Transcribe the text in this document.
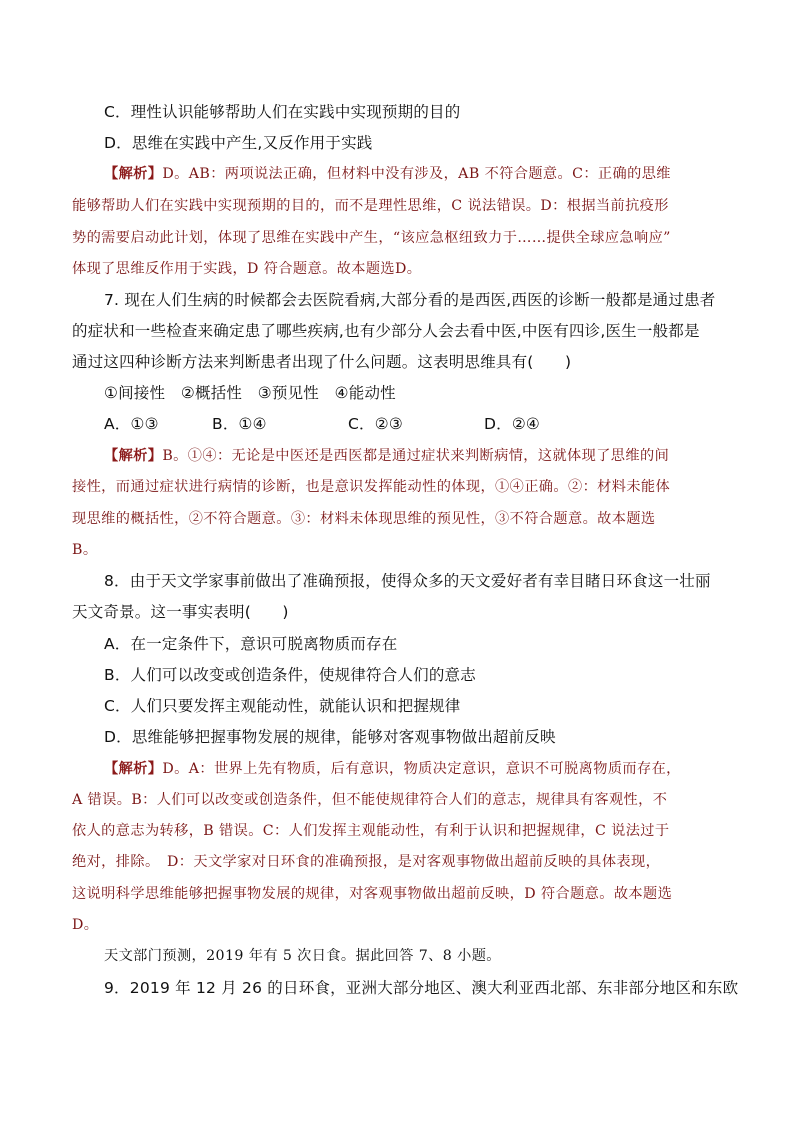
C．理性认识能够帮助人们在实践中实现预期的目的
D．思维在实践中产生,又反作用于实践
【解析】D。AB：两项说法正确，但材料中没有涉及，AB 不符合题意。C：正确的思维
能够帮助人们在实践中实现预期的目的，而不是理性思维，C 说法错误。D：根据当前抗疫形
势的需要启动此计划，体现了思维在实践中产生，“该应急枢纽致力于……提供全球应急响应”
体现了思维反作用于实践，D 符合题意。故本题选D。
7. 现在人们生病的时候都会去医院看病,大部分看的是西医,西医的诊断一般都是通过患者
的症状和一些检查来确定患了哪些疾病,也有少部分人会去看中医,中医有四诊,医生一般都是
通过这四种诊断方法来判断患者出现了什么问题。这表明思维具有(　　)
①间接性　②概括性　③预见性　④能动性
A．①③	B．①④	C．②③	D．②④
【解析】B。①④：无论是中医还是西医都是通过症状来判断病情，这就体现了思维的间
接性，而通过症状进行病情的诊断，也是意识发挥能动性的体现，①④正确。②：材料未能体
现思维的概括性，②不符合题意。③：材料未体现思维的预见性，③不符合题意。故本题选
B。
8．由于天文学家事前做出了准确预报，使得众多的天文爱好者有幸目睹日环食这一壮丽
天文奇景。这一事实表明(　　)
A．在一定条件下，意识可脱离物质而存在
B．人们可以改变或创造条件，使规律符合人们的意志
C．人们只要发挥主观能动性，就能认识和把握规律
D．思维能够把握事物发展的规律，能够对客观事物做出超前反映
【解析】D。A：世界上先有物质，后有意识，物质决定意识，意识不可脱离物质而存在，
A 错误。B：人们可以改变或创造条件，但不能使规律符合人们的意志，规律具有客观性，不
依人的意志为转移，B 错误。C：人们发挥主观能动性，有利于认识和把握规律，C 说法过于
绝对，排除。　D：天文学家对日环食的准确预报，是对客观事物做出超前反映的具体表现，
这说明科学思维能够把握事物发展的规律，对客观事物做出超前反映，D 符合题意。故本题选
D。
天文部门预测，2019 年有 5 次日食。据此回答 7、8 小题。
9．2019 年 12 月 26 的日环食，亚洲大部分地区、澳大利亚西北部、东非部分地区和东欧
